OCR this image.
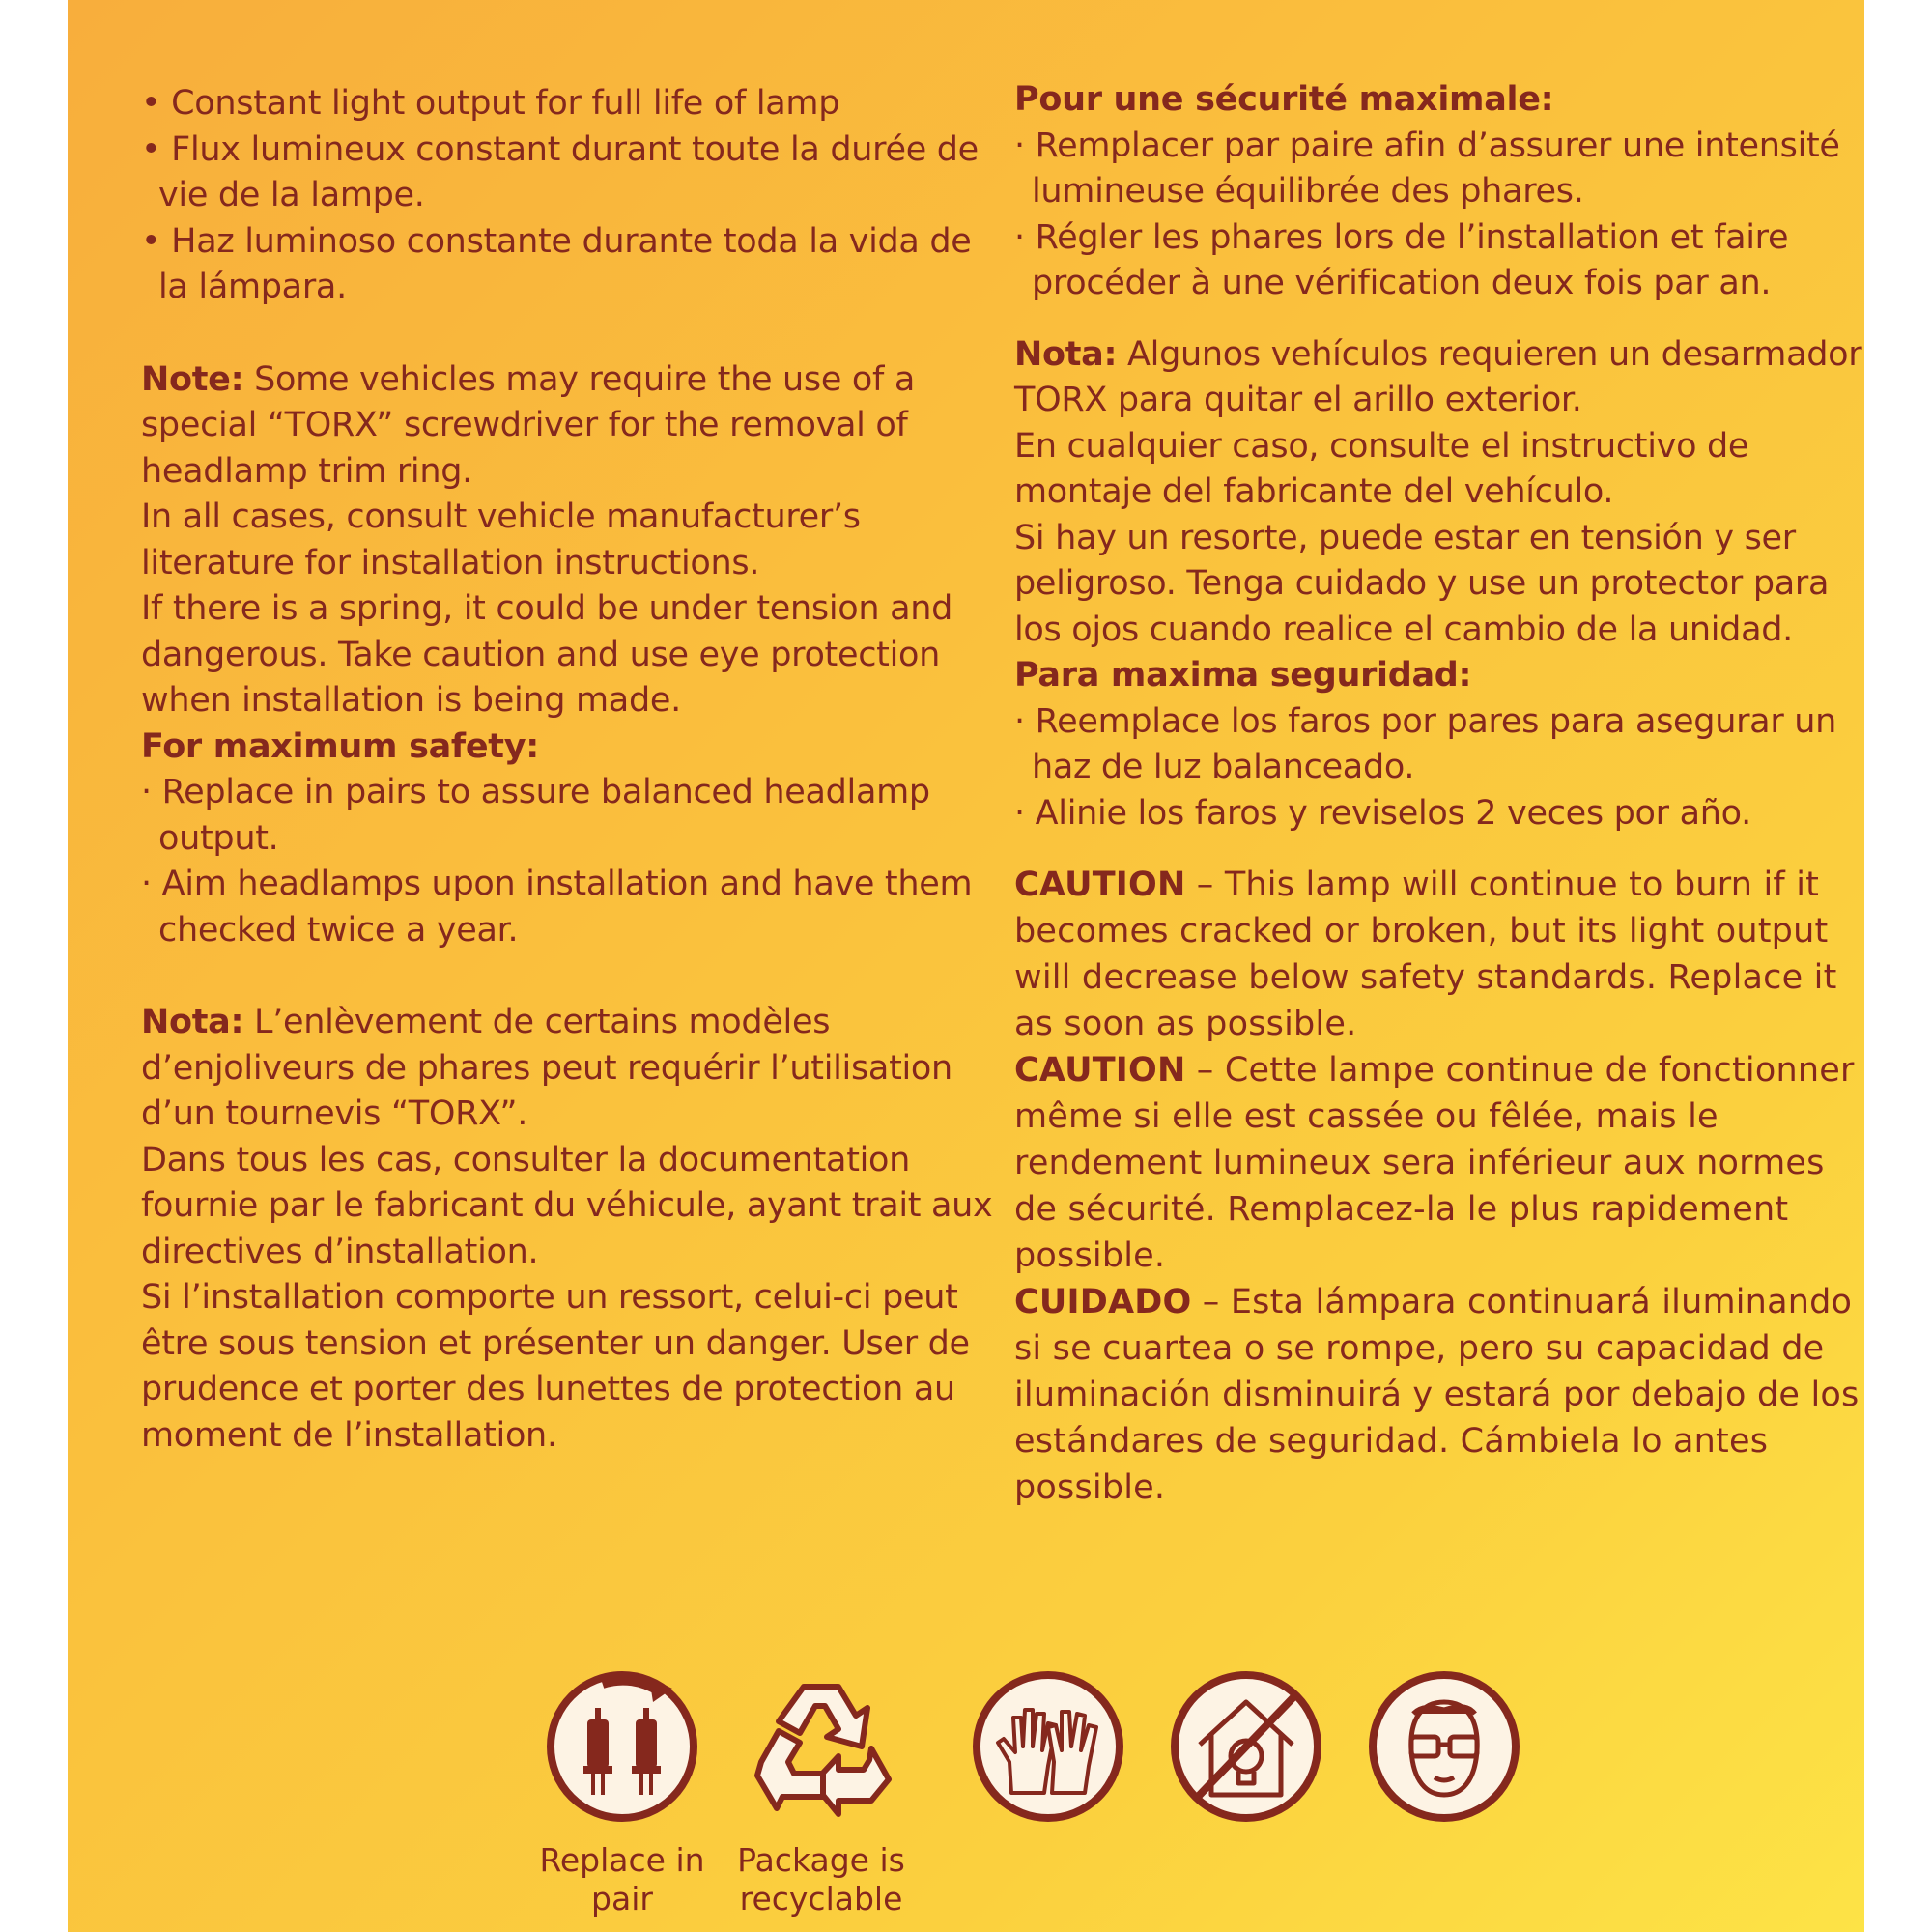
• Constant light output for full life of lamp
• Flux lumineux constant durant toute la durée de vie de la lampe.
• Haz luminoso constante durante toda la vida de la lámpara.

Note: Some vehicles may require the use of a special “TORX” screwdriver for the removal of headlamp trim ring.

In all cases, consult vehicle manufacturer’s literature for installation instructions.

If there is a spring, it could be under tension and dangerous. Take caution and use eye protection when installation is being made.

For maximum safety:

· Replace in pairs to assure balanced headlamp output.
· Aim headlamps upon installation and have them checked twice a year.

Nota: L’enlèvement de certains modèles d’enjoliveurs de phares peut requérir l’utilisation d’un tournevis “TORX”.

Dans tous les cas, consulter la documentation fournie par le fabricant du véhicule, ayant trait aux directives d’installation.

Si l’installation comporte un ressort, celui-ci peut être sous tension et présenter un danger. User de prudence et porter des lunettes de protection au moment de l’installation.

Pour une sécurité maximale:

· Remplacer par paire afin d’assurer une intensité lumineuse équilibrée des phares.
· Régler les phares lors de l’installation et faire procéder à une vérification deux fois par an.

Nota: Algunos vehículos requieren un desarmador TORX para quitar el arillo exterior.

En cualquier caso, consulte el instructivo de montaje del fabricante del vehículo.

Si hay un resorte, puede estar en tensión y ser peligroso. Tenga cuidado y use un protector para los ojos cuando realice el cambio de la unidad.

Para maxima seguridad:

· Reemplace los faros por pares para asegurar un haz de luz balanceado.
· Alinie los faros y reviselos 2 veces por año.

CAUTION – This lamp will continue to burn if it becomes cracked or broken, but its light output will decrease below safety standards. Replace it as soon as possible.

CAUTION – Cette lampe continue de fonctionner même si elle est cassée ou fêlée, mais le rendement lumineux sera inférieur aux normes de sécurité. Remplacez-la le plus rapidement possible.

CUIDADO – Esta lámpara continuará iluminando si se cuartea o se rompe, pero su capacidad de iluminación disminuirá y estará por debajo de los estándares de seguridad. Cámbiela lo antes possible.

Replace in pair
Package is recyclable
